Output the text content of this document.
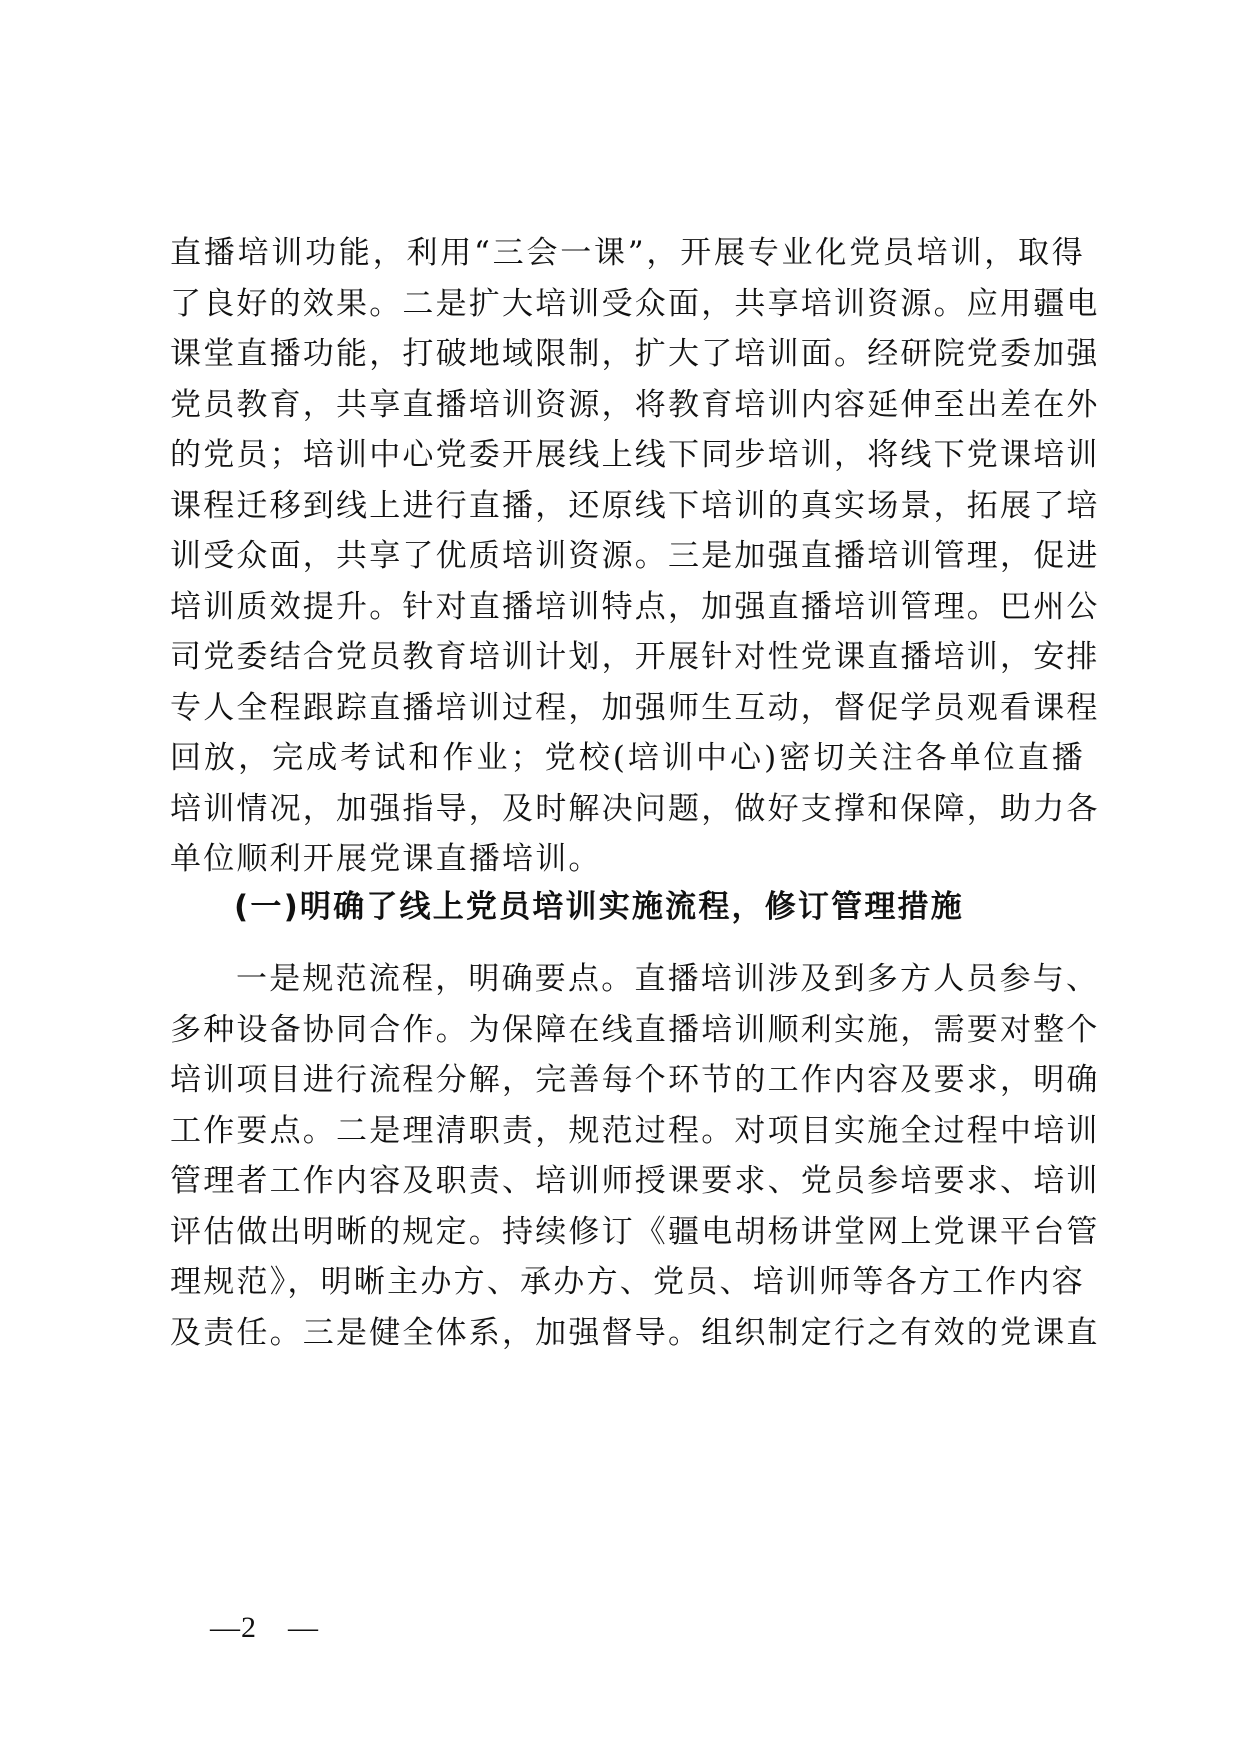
直播培训功能，利用“三会一课”，开展专业化党员培训，取得
了良好的效果。二是扩大培训受众面，共享培训资源。应用疆电
课堂直播功能，打破地域限制，扩大了培训面。经研院党委加强
党员教育，共享直播培训资源，将教育培训内容延伸至出差在外
的党员；培训中心党委开展线上线下同步培训，将线下党课培训
课程迁移到线上进行直播，还原线下培训的真实场景，拓展了培
训受众面，共享了优质培训资源。三是加强直播培训管理，促进
培训质效提升。针对直播培训特点，加强直播培训管理。巴州公
司党委结合党员教育培训计划，开展针对性党课直播培训，安排
专人全程跟踪直播培训过程，加强师生互动，督促学员观看课程
回放，完成考试和作业；党校(培训中心)密切关注各单位直播
培训情况，加强指导，及时解决问题，做好支撑和保障，助力各
单位顺利开展党课直播培训。
(一)明确了线上党员培训实施流程，修订管理措施
一是规范流程，明确要点。直播培训涉及到多方人员参与、
多种设备协同合作。为保障在线直播培训顺利实施，需要对整个
培训项目进行流程分解，完善每个环节的工作内容及要求，明确
工作要点。二是理清职责，规范过程。对项目实施全过程中培训
管理者工作内容及职责、培训师授课要求、党员参培要求、培训
评估做出明晰的规定。持续修订《疆电胡杨讲堂网上党课平台管
理规范》，明晰主办方、承办方、党员、培训师等各方工作内容
及责任。三是健全体系，加强督导。组织制定行之有效的党课直
—2　—
